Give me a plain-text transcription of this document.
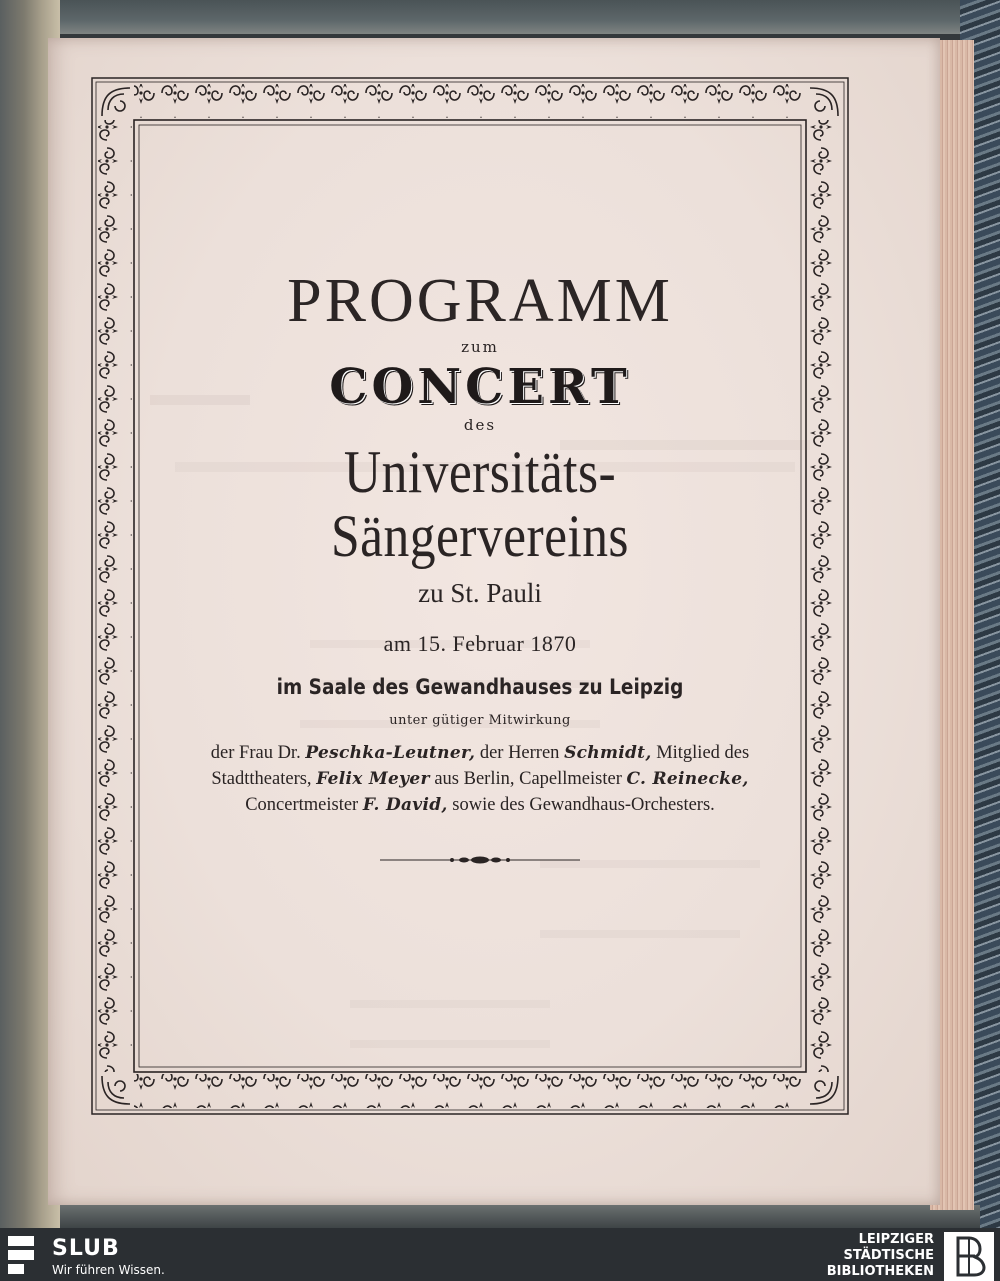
PROGRAMM

zum

CONCERT

des

Universitäts-Sängervereins

zu St. Pauli

am 15. Februar 1870

im Saale des Gewandhauses zu Leipzig

unter gütiger Mitwirkung

der Frau Dr. Peschka-Leutner, der Herren Schmidt, Mitglied des
Stadttheaters, Felix Meyer aus Berlin, Capellmeister C. Reinecke,
Concertmeister F. David, sowie des Gewandhaus-Orchesters.

SLUB
Wir führen Wissen.
LEIPZIGER
STÄDTISCHE
BIBLIOTHEKEN
